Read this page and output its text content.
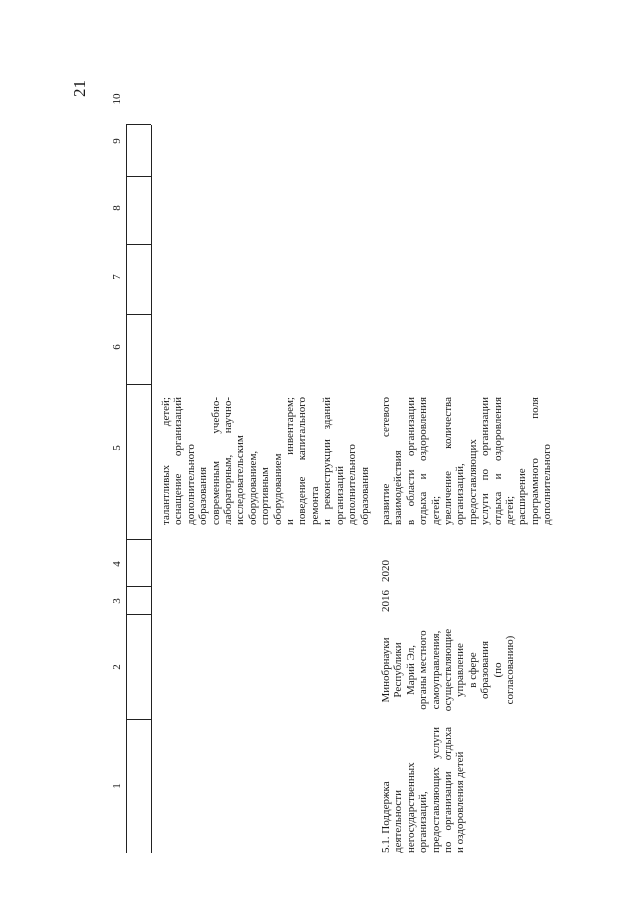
21
1
2
3
4
5
6
7
8
9
10
талантливых детей; оснащение организаций дополнительного образования современным учебно- лабораторным, научно- исследовательским оборудованием, спортивным оборудованием и инвентарем; поведение капитального ремонта и реконструкции зданий организаций дополнительного образования
5.1. Поддержка деятельности негосударственных организаций, предоставляющих услуги по организации отдыха и оздоровления детей
Минобрнауки Республики Марий Эл, органы местного самоуправления, осуществляющие управление в сфере образования (по согласованию)
2016
2020
развитие сетевого взаимодействия в области организации отдыха и оздоровления детей; увеличение количества организаций, предоставляющих услуги по организации отдыха и оздоровления детей; расширение программного поля дополнительного
